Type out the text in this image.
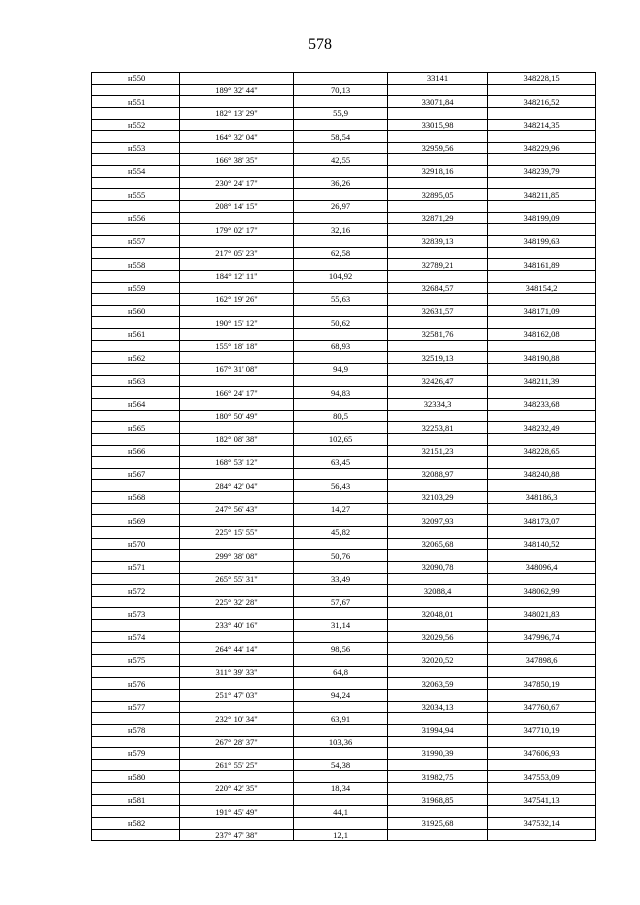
578
н550			33141	348228,15
	189° 32' 44"	70,13		
н551			33071,84	348216,52
	182° 13' 29"	55,9		
н552			33015,98	348214,35
	164° 32' 04"	58,54		
н553			32959,56	348229,96
	166° 38' 35"	42,55		
н554			32918,16	348239,79
	230° 24' 17"	36,26		
н555			32895,05	348211,85
	208° 14' 15"	26,97		
н556			32871,29	348199,09
	179° 02' 17"	32,16		
н557			32839,13	348199,63
	217° 05' 23"	62,58		
н558			32789,21	348161,89
	184° 12' 11"	104,92		
н559			32684,57	348154,2
	162° 19' 26"	55,63		
н560			32631,57	348171,09
	190° 15' 12"	50,62		
н561			32581,76	348162,08
	155° 18' 18"	68,93		
н562			32519,13	348190,88
	167° 31' 08"	94,9		
н563			32426,47	348211,39
	166° 24' 17"	94,83		
н564			32334,3	348233,68
	180° 50' 49"	80,5		
н565			32253,81	348232,49
	182° 08' 38"	102,65		
н566			32151,23	348228,65
	168° 53' 12"	63,45		
н567			32088,97	348240,88
	284° 42' 04"	56,43		
н568			32103,29	348186,3
	247° 56' 43"	14,27		
н569			32097,93	348173,07
	225° 15' 55"	45,82		
н570			32065,68	348140,52
	299° 38' 08"	50,76		
н571			32090,78	348096,4
	265° 55' 31"	33,49		
н572			32088,4	348062,99
	225° 32' 28"	57,67		
н573			32048,01	348021,83
	233° 40' 16"	31,14		
н574			32029,56	347996,74
	264° 44' 14"	98,56		
н575			32020,52	347898,6
	311° 39' 33"	64,8		
н576			32063,59	347850,19
	251° 47' 03"	94,24		
н577			32034,13	347760,67
	232° 10' 34"	63,91		
н578			31994,94	347710,19
	267° 28' 37"	103,36		
н579			31990,39	347606,93
	261° 55' 25"	54,38		
н580			31982,75	347553,09
	220° 42' 35"	18,34		
н581			31968,85	347541,13
	191° 45' 49"	44,1		
н582			31925,68	347532,14
	237° 47' 38"	12,1		
